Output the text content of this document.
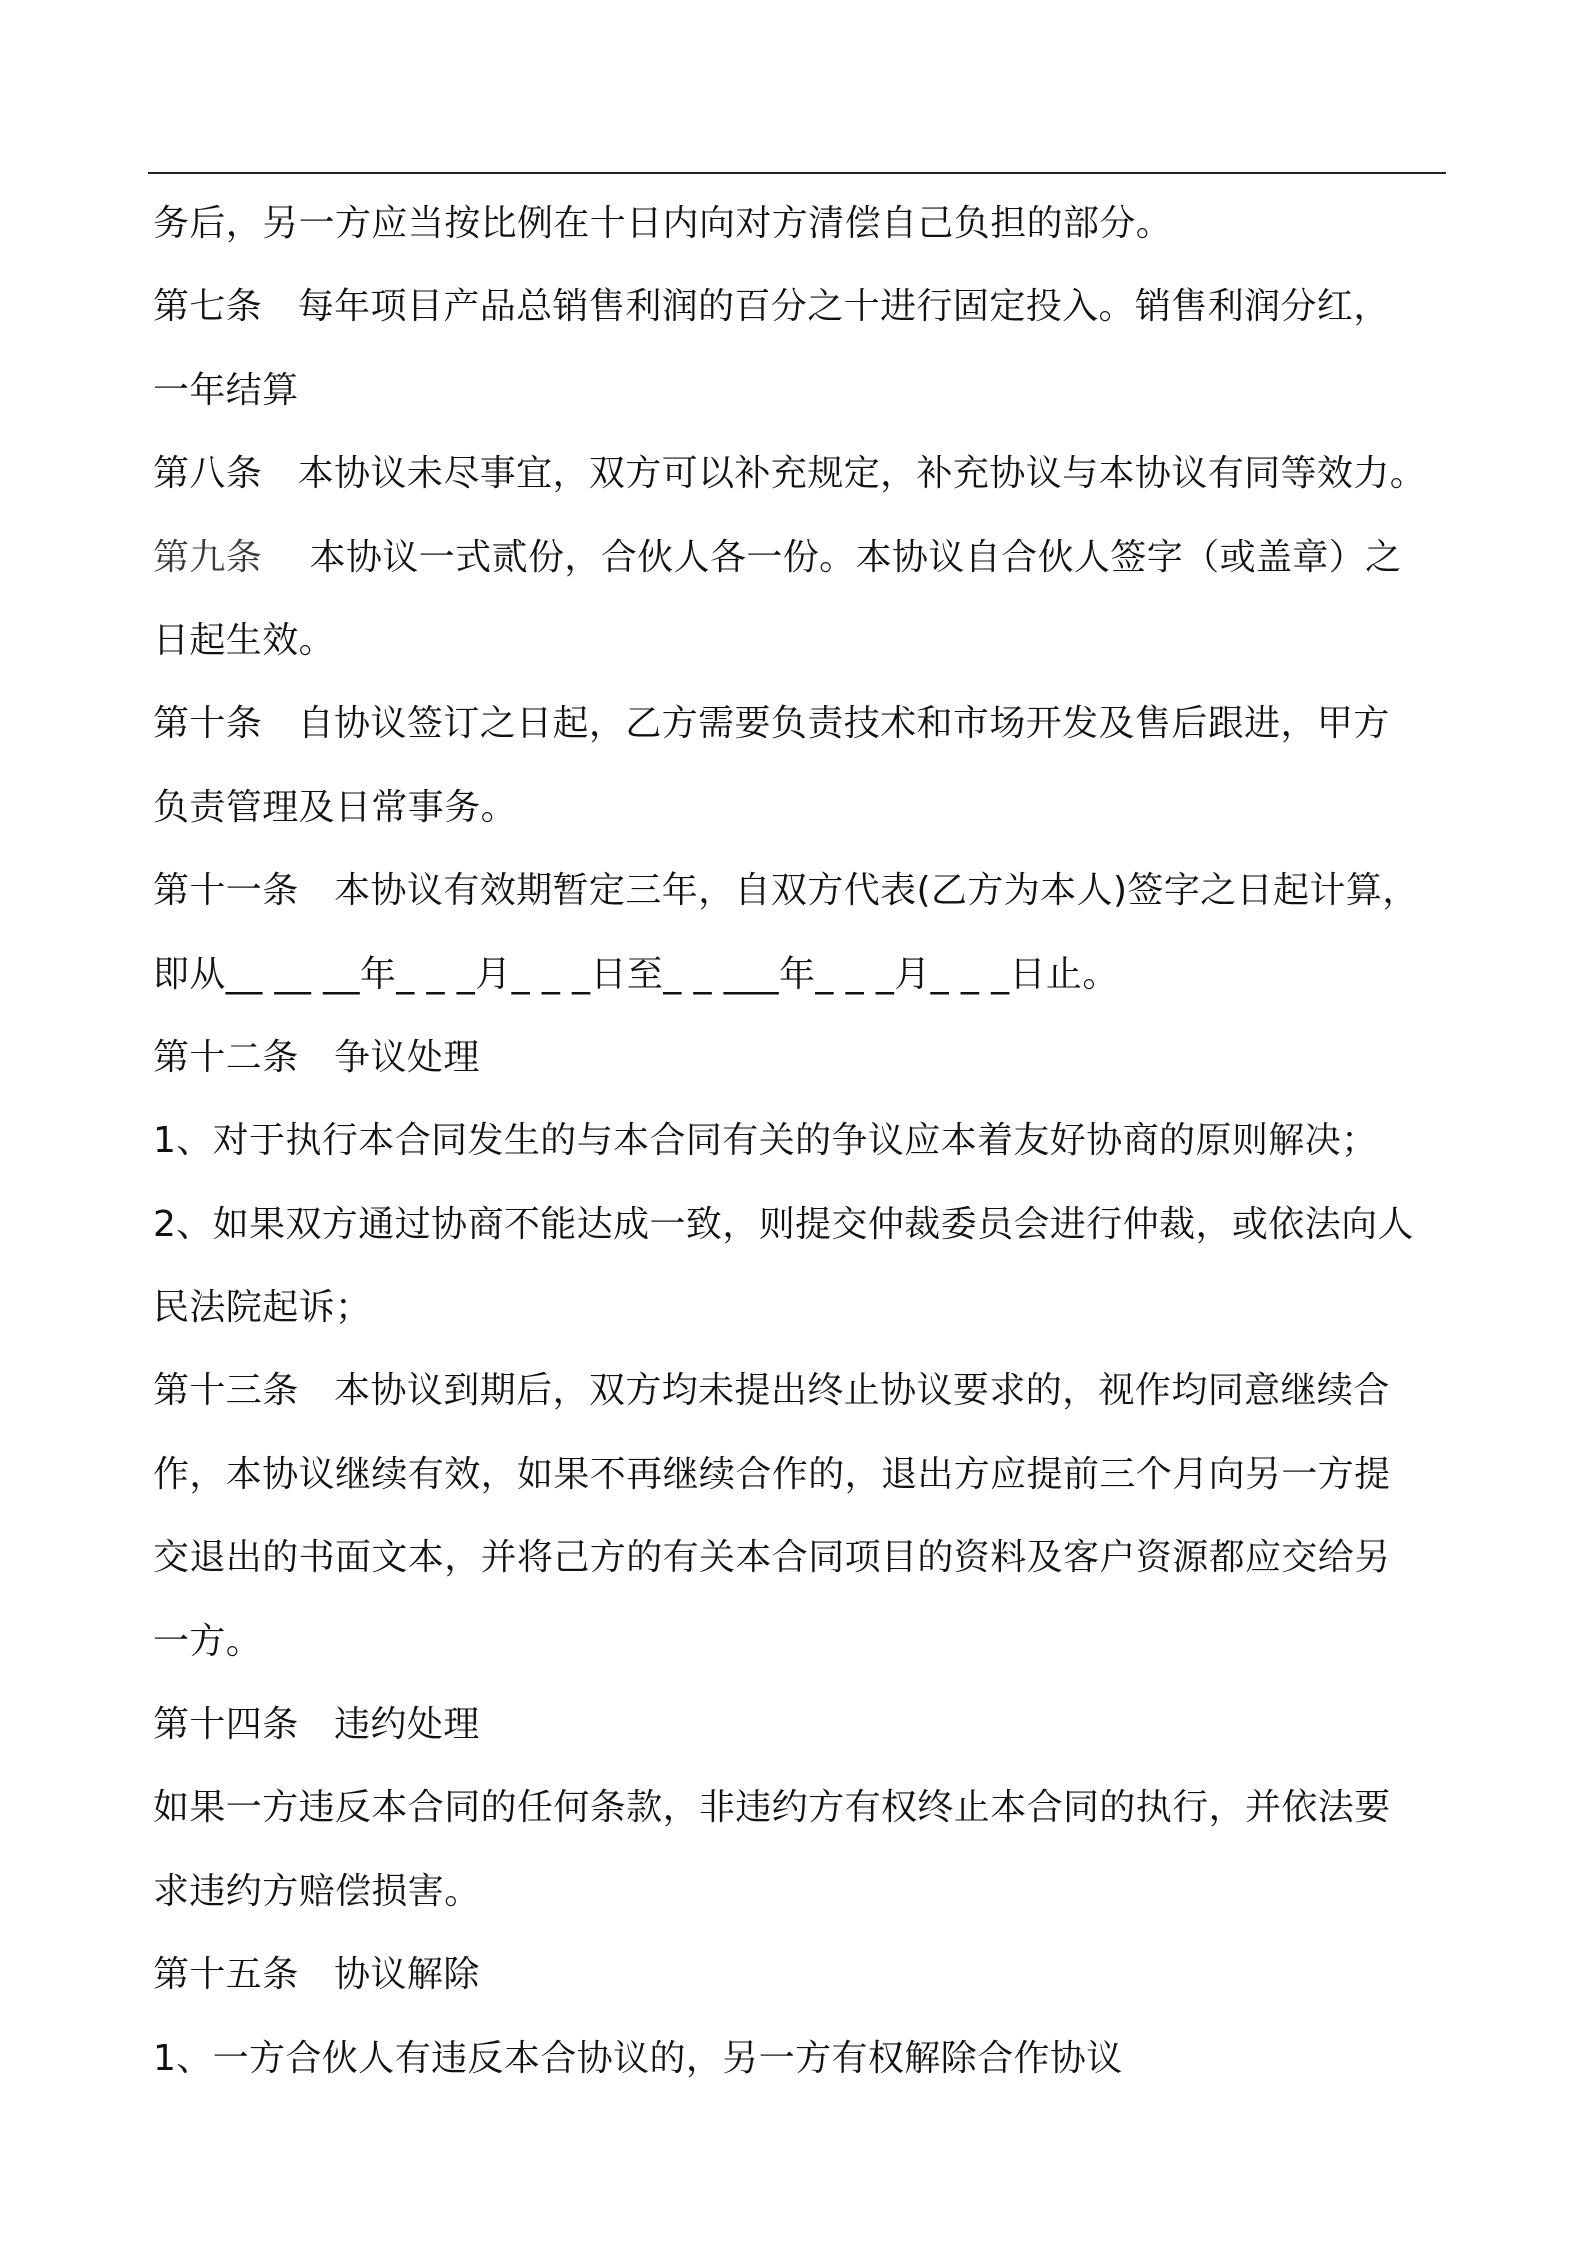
务后，另一方应当按比例在十日内向对方清偿自己负担的部分。
第七条   每年项目产品总销售利润的百分之十进行固定投入。销售利润分红，
一年结算
第八条   本协议未尽事宜，双方可以补充规定，补充协议与本协议有同等效力。
第九条    本协议一式贰份，合伙人各一份。本协议自合伙人签字（或盖章）之
日起生效。
第十条   自协议签订之日起，乙方需要负责技术和市场开发及售后跟进，甲方
负责管理及日常事务。
第十一条   本协议有效期暂定三年，自双方代表(乙方为本人)签字之日起计算，
即从__ __ __年_ _ _月_ _ _日至_ _ ___年_ _ _月_ _ _日止。
第十二条   争议处理
1、对于执行本合同发生的与本合同有关的争议应本着友好协商的原则解决；
2、如果双方通过协商不能达成一致，则提交仲裁委员会进行仲裁，或依法向人
民法院起诉；
第十三条   本协议到期后，双方均未提出终止协议要求的，视作均同意继续合
作，本协议继续有效，如果不再继续合作的，退出方应提前三个月向另一方提
交退出的书面文本，并将己方的有关本合同项目的资料及客户资源都应交给另
一方。
第十四条   违约处理
如果一方违反本合同的任何条款，非违约方有权终止本合同的执行，并依法要
求违约方赔偿损害。
第十五条   协议解除
1、一方合伙人有违反本合协议的，另一方有权解除合作协议
